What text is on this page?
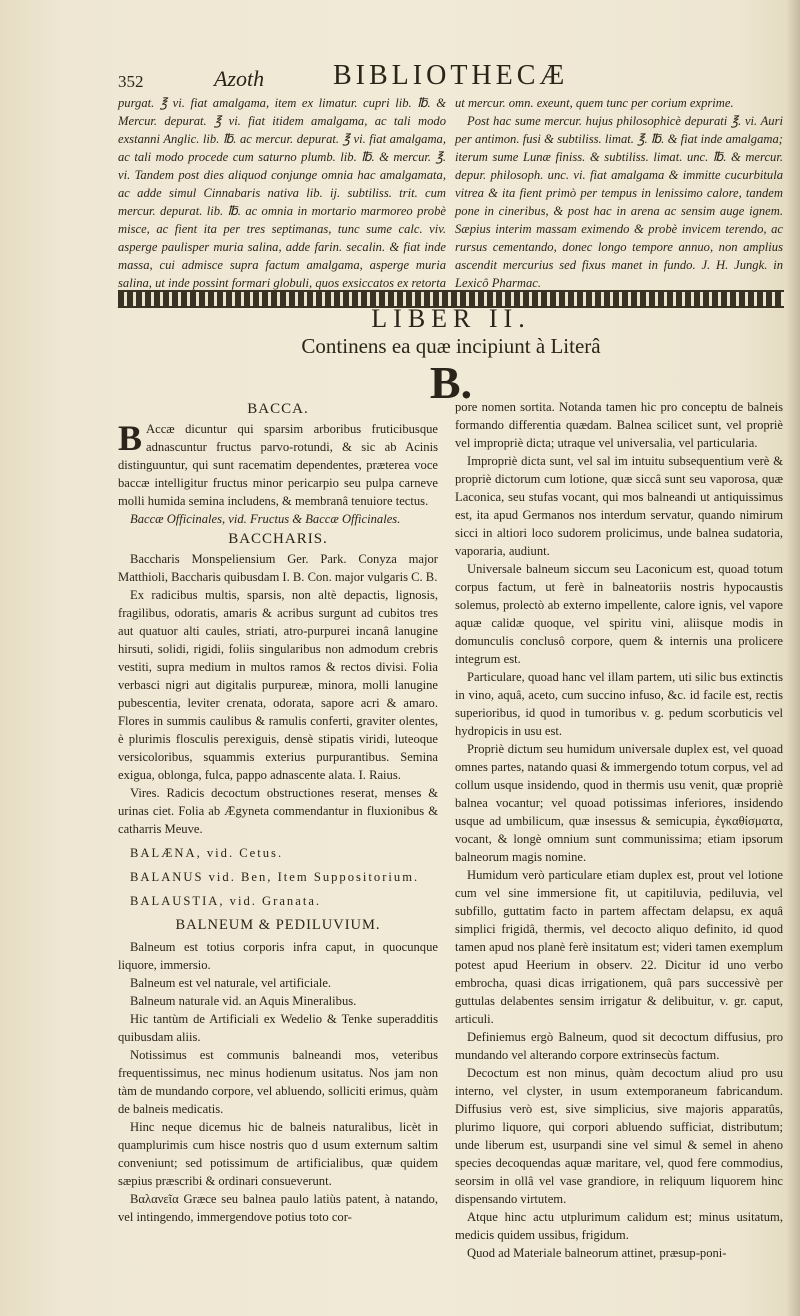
352	Azoth BIBLIOTHECÆ

purgat. ℥ vi. fiat amalgama, item ex limatur. cupri lib. ℔. & Mercur. depurat. ℥ vi. fiat itidem amalgama, ac tali modo exstanni Anglic. lib. ℔. ac mercur. depurat. ℥ vi. fiat amalgama, ac tali modo procede cum saturno plumb. lib. ℔. & mercur. ℥. vi. Tandem post dies aliquod conjunge omnia hac amalgamata, ac adde simul Cinnabaris nativa lib. ij. subtiliss. trit. cum mercur. depurat. lib. ℔. ac omnia in mortario marmoreo probè misce, ac fient ita per tres septimanas, tunc sume calc. viv. asperge paulisper muria salina, adde farin. secalin. & fiat inde massa, cui admisce supra factum amalgama, asperge muria salina, ut inde possint formari globuli, quos exsiccatos ex retorta

ut mercur. omn. exeunt, quem tunc per corium exprime.

Post hac sume mercur. hujus philosophicè depurati ℥. vi. Auri per antimon. fusi & subtiliss. limat. ℥. ℔. & fiat inde amalgama; iterum sume Lunæ finiss. & subtiliss. limat. unc. ℔. & mercur. depur. philosoph. unc. vi. fiat amalgama & immitte cucurbitula vitrea & ita fient primò per tempus in lenissimo calore, tandem pone in cineribus, & post hac in arena ac sensim auge ignem. Sæpius interim massam eximendo & probè invicem terendo, ac rursus cementando, donec longo tempore annuo, non amplius ascendit mercurius sed fixus manet in fundo. J. H. Jungk. in Lexicô Pharmac.

LIBER II.
Continens ea quæ incipiunt à Literâ
B.
BACCA.

B Accæ dicuntur qui sparsim arboribus fruticibusque adnascuntur fructus parvo-rotundi, & sic ab Acinis distinguuntur, qui sunt racematim dependentes, præterea voce baccæ intelligitur fructus minor pericarpio seu pulpa carneve molli humida semina includens, & membranâ tenuiore tectus.

Baccæ Officinales, vid. Fructus & Baccæ Officinales.

BACCHARIS.

Baccharis Monspeliensium Ger. Park. Conyza major Matthioli, Baccharis quibusdam I. B. Con. major vulgaris C. B.

Ex radicibus multis, sparsis, non altè depactis, lignosis, fragilibus, odoratis, amaris & acribus surgunt ad cubitos tres aut quatuor alti caules, striati, atro-purpurei incanâ lanugine hirsuti, solidi, rigidi, foliis singularibus non admodum crebris vestiti, supra medium in multos ramos & rectos divisi. Folia verbasci nigri aut digitalis purpureæ, minora, molli lanugine pubescentia, leviter crenata, odorata, sapore acri & amaro. Flores in summis caulibus & ramulis conferti, graviter olentes, è plurimis flosculis perexiguis, densè stipatis viridi, luteoque versicoloribus, squammis exterius purpurantibus. Semina exigua, oblonga, fulca, pappo adnascente alata. I. Raius.

Vires. Radicis decoctum obstructiones reserat, menses & urinas ciet. Folia ab Ægyneta commendantur in fluxionibus & catharris Meuve.

BALÆNA, vid. Cetus.

BALANUS vid. Ben, Item Suppositorium.

BALAUSTIA, vid. Granata.

BALNEUM & PEDILUVIUM.

Balneum est totius corporis infra caput, in quocunque liquore, immersio.

Balneum est vel naturale, vel artificiale.

Balneum naturale vid. an Aquis Mineralibus.

Hic tantùm de Artificiali ex Wedelio & Tenke superadditis quibusdam aliis.

Notissimus est communis balneandi mos, veteribus frequentissimus, nec minus hodienum usitatus. Nos jam non tàm de mundando corpore, vel abluendo, solliciti erimus, quàm de balneis medicatis.

Hinc neque dicemus hic de balneis naturalibus, licèt in quamplurimis cum hisce nostris quo d usum externum saltim conveniunt; sed potissimum de artificialibus, quæ quidem sæpius præscribi & ordinari consueverunt.

Βαλανεῖα Græce seu balnea paulo latiùs patent, à natando, vel intingendo, immergendove potius toto cor-

pore nomen sortita. Notanda tamen hic pro conceptu de balneis formando differentia quædam. Balnea scilicet sunt, vel propriè vel impropriè dicta; utraque vel universalia, vel particularia.

Impropriè dicta sunt, vel sal im intuitu subsequentium verè & propriè dictorum cum lotione, quæ siccâ sunt seu vaporosa, quæ Laconica, seu stufas vocant, qui mos balneandi ut antiquissimus est, ita apud Germanos nos interdum servatur, quando nimirum sicci in altiori loco sudorem prolicimus, unde balnea sudatoria, vaporaria, audiunt.

Universale balneum siccum seu Laconicum est, quoad totum corpus factum, ut ferè in balneatoriis nostris hypocaustis solemus, prolectò ab externo impellente, calore ignis, vel vapore aquæ calidæ quoque, vel spiritu vini, aliisque modis in domunculis conclusô corpore, quem & internis una prolicere integrum est.

Particulare, quoad hanc vel illam partem, uti silic bus extinctis in vino, aquâ, aceto, cum succino infuso, &c. id facile est, rectis superioribus, id quod in tumoribus v. g. pedum scorbuticis vel hydropicis in usu est.

Propriè dictum seu humidum universale duplex est, vel quoad omnes partes, natando quasi & immergendo totum corpus, vel ad collum usque insidendo, quod in thermis usu venit, quæ propriè balnea vocantur; vel quoad potissimas inferiores, insidendo usque ad umbilicum, quæ insessus & semicupia, ἐγκαθίσματα, vocant, & longè omnium sunt communissima; etiam ipsorum balneorum magis nomine.

Humidum verò particulare etiam duplex est, prout vel lotione cum vel sine immersione fit, ut capitiluvia, pediluvia, vel subfillo, guttatim facto in partem affectam delapsu, ex aquâ simplici frigidâ, thermis, vel decocto aliquo definito, id quod tamen apud nos planè ferè insitatum est; videri tamen exemplum potest apud Heerium in observ. 22. Dicitur id uno verbo embrocha, quasi dicas irrigationem, quâ pars successivè per guttulas delabentes sensim irrigatur & delibuitur, v. gr. caput, articuli.

Definiemus ergò Balneum, quod sit decoctum diffusius, pro mundando vel alterando corpore extrinsecùs factum.

Decoctum est non minus, quàm decoctum aliud pro usu interno, vel clyster, in usum extemporaneum fabricandum. Diffusius verò est, sive simplicius, sive majoris apparatûs, plurimo liquore, qui corpori abluendo sufficiat, distributum; unde liberum est, usurpandi sine vel simul & semel in aheno species decoquendas aquæ maritare, vel, quod fere commodius, seorsim in ollâ vel vase grandiore, in reliquum liquorem hinc dispensando virtutem.

Atque hinc actu utplurimum calidum est; minus usitatum, medicis quidem ussibus, frigidum.

Quod ad Materiale balneorum attinet, præsup-poni-
